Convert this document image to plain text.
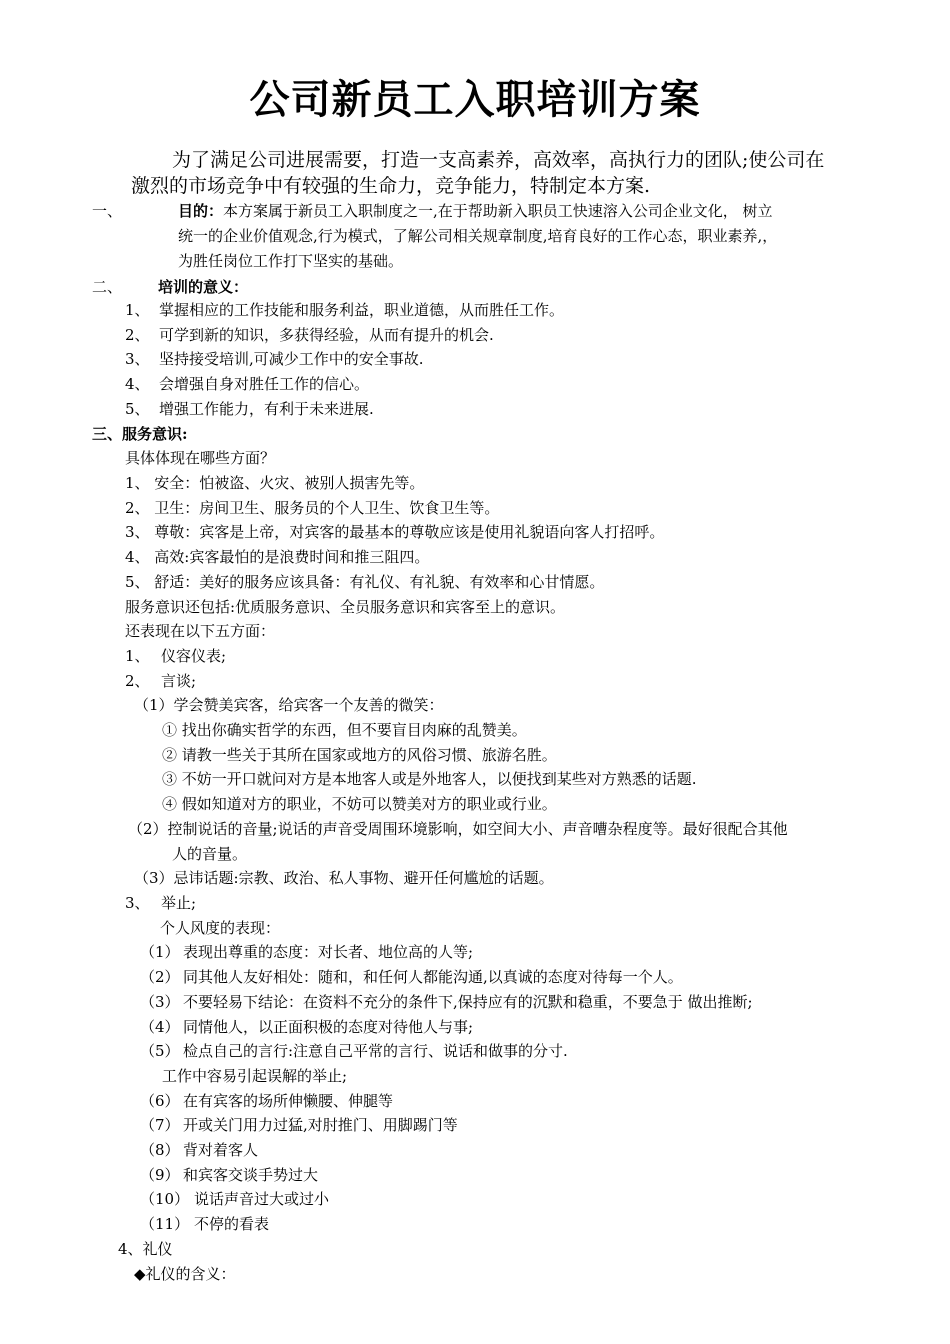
公司新员工入职培训方案
为了满足公司进展需要，打造一支高素养，高效率，高执行力的团队;使公司在
激烈的市场竞争中有较强的生命力，竞争能力，特制定本方案.
一、	目的：本方案属于新员工入职制度之一,在于帮助新入职员工快速溶入公司企业文化， 树立
统一的企业价值观念,行为模式，了解公司相关规章制度,培育良好的工作心态，职业素养,，
为胜任岗位工作打下坚实的基础。
二、 培训的意义：
1、 掌握相应的工作技能和服务利益，职业道德，从而胜任工作。
2、 可学到新的知识，多获得经验，从而有提升的机会.
3、 坚持接受培训,可减少工作中的安全事故.
4、 会增强自身对胜任工作的信心。
5、 增强工作能力，有利于未来进展.
三、服务意识:
具体体现在哪些方面？
1、 安全：怕被盗、火灾、被别人损害先等。
2、 卫生：房间卫生、服务员的个人卫生、饮食卫生等。
3、 尊敬：宾客是上帝，对宾客的最基本的尊敬应该是使用礼貌语向客人打招呼。
4、 高效:宾客最怕的是浪费时间和推三阻四。
5、 舒适：美好的服务应该具备：有礼仪、有礼貌、有效率和心甘情愿。
服务意识还包括:优质服务意识、全员服务意识和宾客至上的意识。
还表现在以下五方面：
1、 仪容仪表;
2、 言谈;
（1）学会赞美宾客，给宾客一个友善的微笑：
① 找出你确实哲学的东西，但不要盲目肉麻的乱赞美。
② 请教一些关于其所在国家或地方的风俗习惯、旅游名胜。
③ 不妨一开口就问对方是本地客人或是外地客人，以便找到某些对方熟悉的话题.
④ 假如知道对方的职业，不妨可以赞美对方的职业或行业。
（2）控制说话的音量;说话的声音受周围环境影响，如空间大小、声音嘈杂程度等。最好很配合其他
人的音量。
（3）忌讳话题:宗教、政治、私人事物、避开任何尴尬的话题。
3、 举止;
个人风度的表现：
（1） 表现出尊重的态度：对长者、地位高的人等;
（2） 同其他人友好相处：随和，和任何人都能沟通,以真诚的态度对待每一个人。
（3） 不要轻易下结论：在资料不充分的条件下,保持应有的沉默和稳重，不要急于 做出推断;
（4） 同情他人，以正面积极的态度对待他人与事;
（5） 检点自己的言行:注意自己平常的言行、说话和做事的分寸.
工作中容易引起误解的举止;
（6） 在有宾客的场所伸懒腰、伸腿等
（7） 开或关门用力过猛,对肘推门、用脚踢门等
（8） 背对着客人
（9） 和宾客交谈手势过大
（10） 说话声音过大或过小
（11） 不停的看表
4、礼仪
◆礼仪的含义：
